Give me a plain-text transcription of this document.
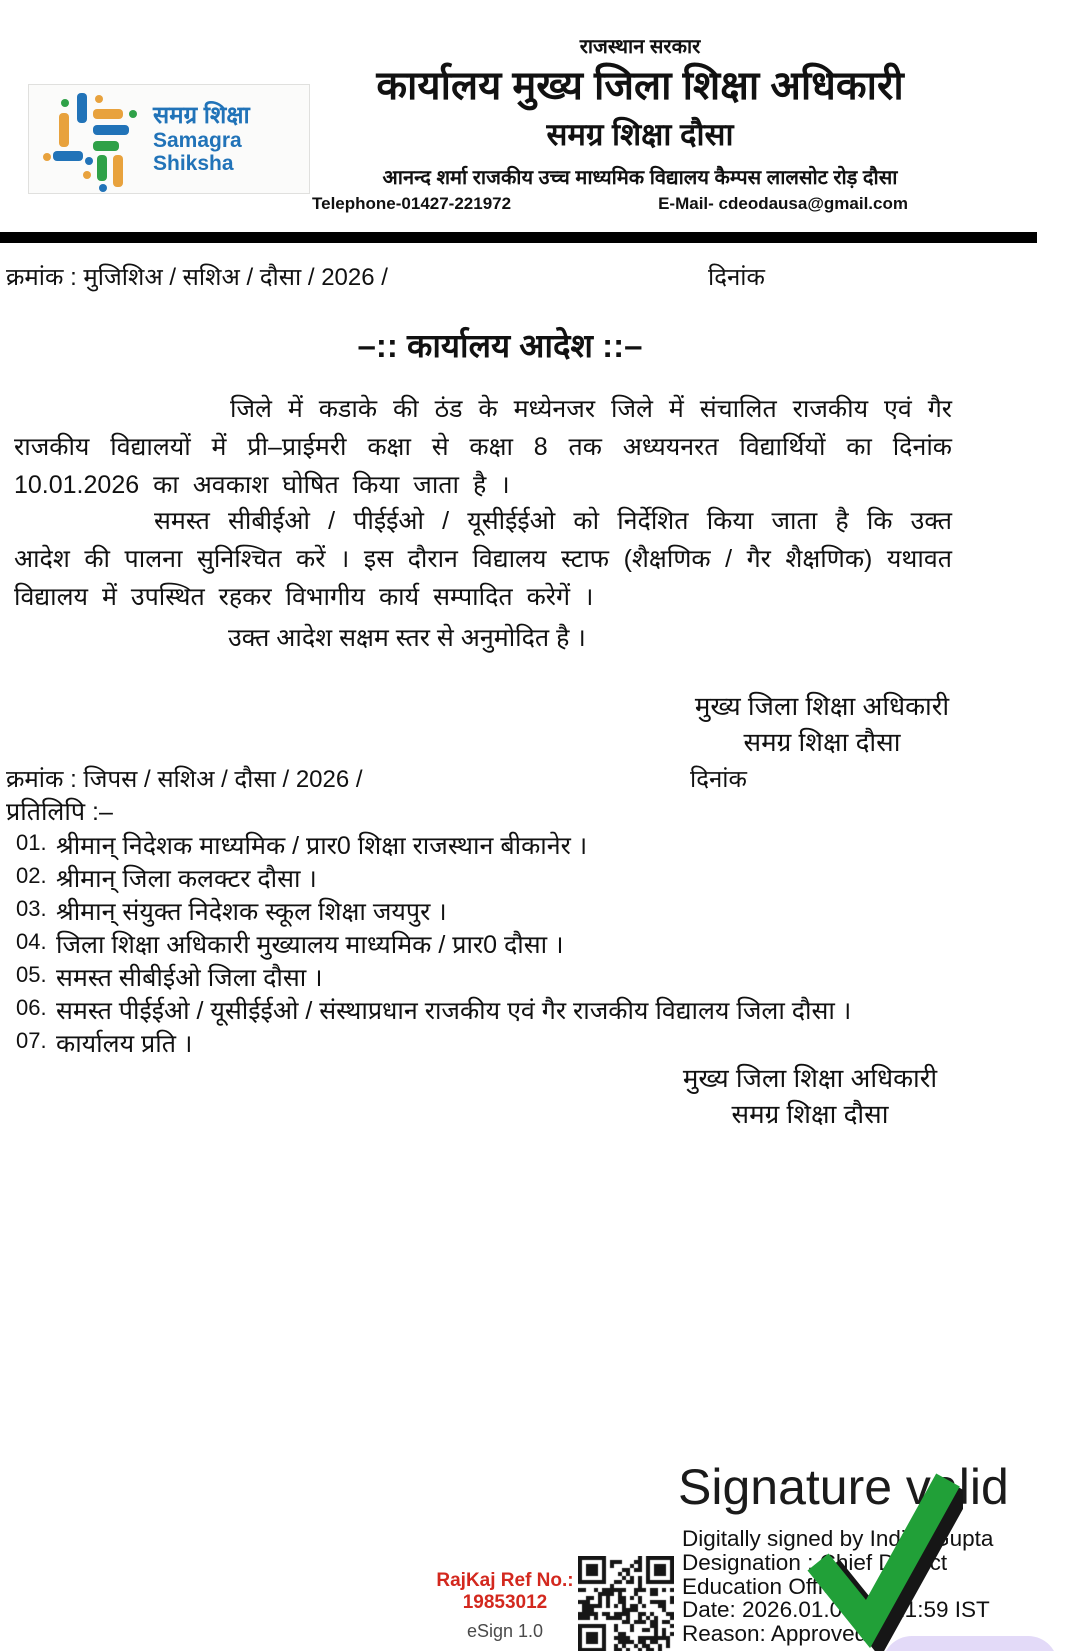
समग्र शिक्षा
Samagra Shiksha
राजस्थान सरकार
कार्यालय मुख्य जिला शिक्षा अधिकारी
समग्र शिक्षा दौसा
आनन्द शर्मा राजकीय उच्च माध्यमिक विद्यालय कैम्पस लालसोट रोड़ दौसा
Telephone-01427-221972	E-Mail- cdeodausa@gmail.com
क्रमांक : मुजिशिअ / सशिअ / दौसा / 2026 /	दिनांक
–:: कार्यालय आदेश ::–
जिले में कडाके की ठंड के मध्येनजर जिले में संचालित राजकीय एवं गैर राजकीय विद्यालयों में प्री–प्राईमरी कक्षा से कक्षा 8 तक अध्ययनरत विद्यार्थियों का दिनांक 10.01.2026 का अवकाश घोषित किया जाता है ।
समस्त सीबीईओ / पीईईओ / यूसीईईओ को निर्देशित किया जाता है कि उक्त आदेश की पालना सुनिश्चित करें । इस दौरान विद्यालय स्टाफ (शैक्षणिक / गैर शैक्षणिक) यथावत विद्यालय में उपस्थित रहकर विभागीय कार्य सम्पादित करेगें ।
उक्त आदेश सक्षम स्तर से अनुमोदित है ।
मुख्य जिला शिक्षा अधिकारी
समग्र शिक्षा दौसा
क्रमांक : जिपस / सशिअ / दौसा / 2026 /	दिनांक
प्रतिलिपि :–
01. श्रीमान् निदेशक माध्यमिक / प्रार0 शिक्षा राजस्थान बीकानेर ।
02. श्रीमान् जिला कलक्टर दौसा ।
03. श्रीमान् संयुक्त निदेशक स्कूल शिक्षा जयपुर ।
04. जिला शिक्षा अधिकारी मुख्यालय माध्यमिक / प्रार0 दौसा ।
05. समस्त सीबीईओ जिला दौसा ।
06. समस्त पीईईओ / यूसीईईओ / संस्थाप्रधान राजकीय एवं गैर राजकीय विद्यालय जिला दौसा ।
07. कार्यालय प्रति ।
मुख्य जिला शिक्षा अधिकारी
समग्र शिक्षा दौसा
RajKaj Ref No.:
19853012
eSign 1.0
Signature valid
Digitally signed by Indira Gupta
Designation : Chief District
Education Officer
Date: 2026.01.09 16:21:59 IST
Reason: Approved
